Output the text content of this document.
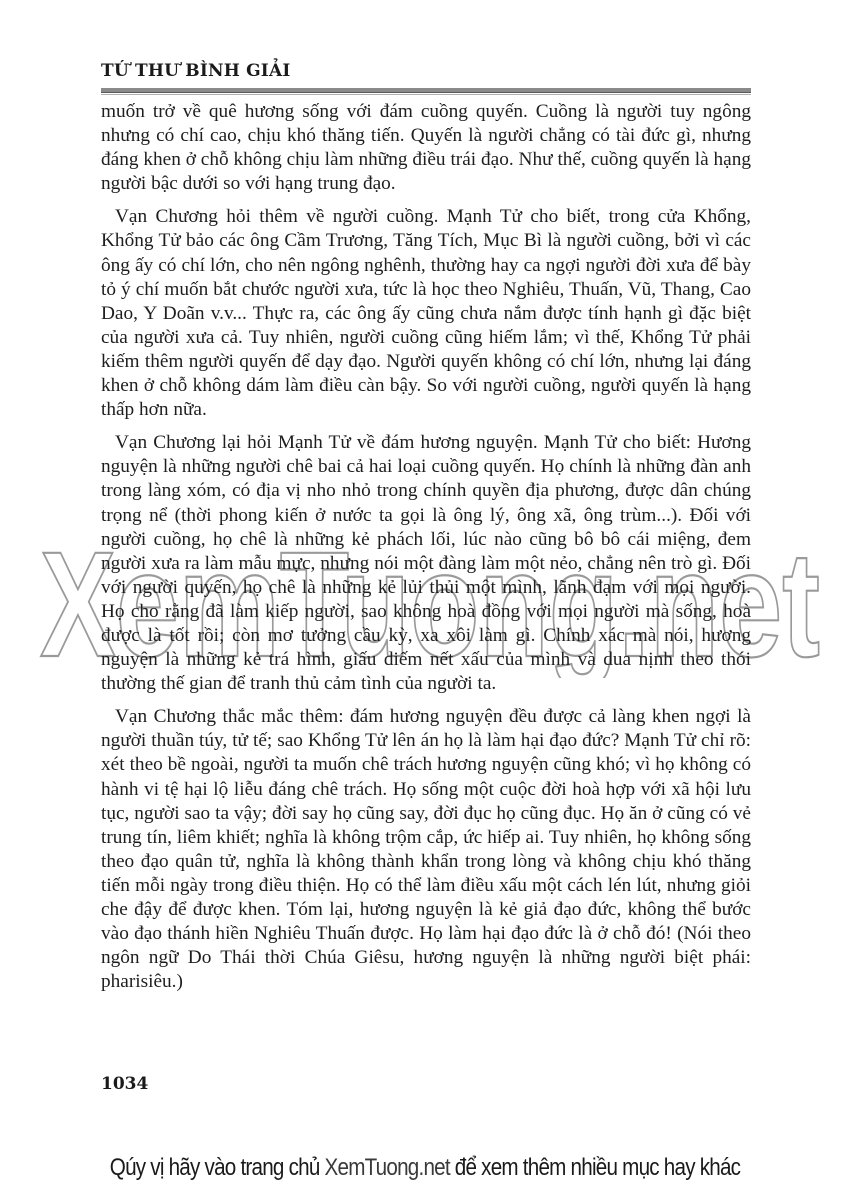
TỨ THƯ BÌNH GIẢI
XemTuong.net

muốn trở về quê hương sống với đám cuồng quyến. Cuồng là người tuy ngông nhưng có chí cao, chịu khó thăng tiến. Quyến là người chẳng có tài đức gì, nhưng đáng khen ở chỗ không chịu làm những điều trái đạo. Như thế, cuồng quyến là hạng người bậc dưới so với hạng trung đạo.

Vạn Chương hỏi thêm về người cuồng. Mạnh Tử cho biết, trong cửa Khổng, Khổng Tử bảo các ông Cầm Trương, Tăng Tích, Mục Bì là người cuồng, bởi vì các ông ấy có chí lớn, cho nên ngông nghênh, thường hay ca ngợi người đời xưa để bày tỏ ý chí muốn bắt chước người xưa, tức là học theo Nghiêu, Thuấn, Vũ, Thang, Cao Dao, Y Doãn v.v... Thực ra, các ông ấy cũng chưa nắm được tính hạnh gì đặc biệt của người xưa cả. Tuy nhiên, người cuồng cũng hiếm lắm; vì thế, Khổng Tử phải kiếm thêm người quyến để dạy đạo. Người quyến không có chí lớn, nhưng lại đáng khen ở chỗ không dám làm điều càn bậy. So với người cuồng, người quyến là hạng thấp hơn nữa.

Vạn Chương lại hỏi Mạnh Tử về đám hương nguyện. Mạnh Tử cho biết: Hương nguyện là những người chê bai cả hai loại cuồng quyến. Họ chính là những đàn anh trong làng xóm, có địa vị nho nhỏ trong chính quyền địa phương, được dân chúng trọng nể (thời phong kiến ở nước ta gọi là ông lý, ông xã, ông trùm...). Đối với người cuồng, họ chê là những kẻ phách lối, lúc nào cũng bô bô cái miệng, đem người xưa ra làm mẫu mực, nhưng nói một đàng làm một nẻo, chẳng nên trò gì. Đối với người quyến, họ chê là những kẻ lủi thủi một mình, lãnh đạm với mọi người. Họ cho rằng đã làm kiếp người, sao không hoà đồng với mọi người mà sống, hoà được là tốt rồi; còn mơ tưởng cầu kỳ, xa xôi làm gì. Chính xác mà nói, hương nguyện là những kẻ trá hình, giấu diếm nết xấu của mình và dua nịnh theo thói thường thế gian để tranh thủ cảm tình của người ta.

Vạn Chương thắc mắc thêm: đám hương nguyện đều được cả làng khen ngợi là người thuần túy, tử tế; sao Khổng Tử lên án họ là làm hại đạo đức? Mạnh Tử chỉ rõ: xét theo bề ngoài, người ta muốn chê trách hương nguyện cũng khó; vì họ không có hành vi tệ hại lộ liễu đáng chê trách. Họ sống một cuộc đời hoà hợp với xã hội lưu tục, người sao ta vậy; đời say họ cũng say, đời đục họ cũng đục. Họ ăn ở cũng có vẻ trung tín, liêm khiết; nghĩa là không trộm cắp, ức hiếp ai. Tuy nhiên, họ không sống theo đạo quân tử, nghĩa là không thành khẩn trong lòng và không chịu khó thăng tiến mỗi ngày trong điều thiện. Họ có thể làm điều xấu một cách lén lút, nhưng giỏi che đậy để được khen. Tóm lại, hương nguyện là kẻ giả đạo đức, không thể bước vào đạo thánh hiền Nghiêu Thuấn được. Họ làm hại đạo đức là ở chỗ đó! (Nói theo ngôn ngữ Do Thái thời Chúa Giêsu, hương nguyện là những người biệt phái: pharisiêu.)

1034
Qúy vị hãy vào trang chủ XemTuong.net để xem thêm nhiều mục hay khác
